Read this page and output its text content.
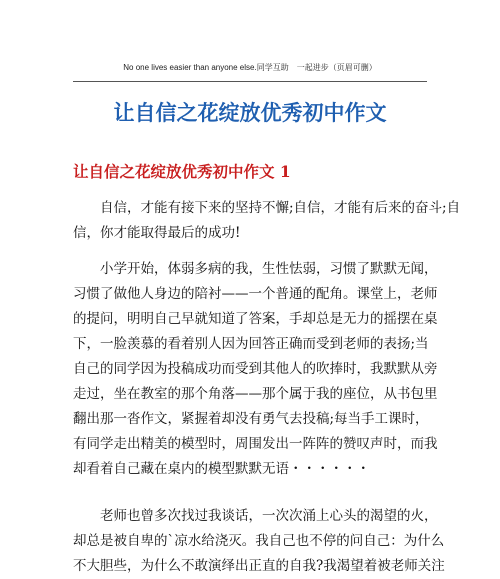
No one lives easier than anyone else.同学互助　一起进步（页眉可删）
让自信之花绽放优秀初中作文
让自信之花绽放优秀初中作文 1
自信，才能有接下来的坚持不懈;自信，才能有后来的奋斗;自
信，你才能取得最后的成功!
小学开始，体弱多病的我，生性怯弱，习惯了默默无闻，
习惯了做他人身边的陪衬——一个普通的配角。课堂上，老师
的提问，明明自己早就知道了答案，手却总是无力的摇摆在桌
下，一脸羡慕的看着别人因为回答正确而受到老师的表扬;当
自己的同学因为投稿成功而受到其他人的吹捧时，我默默从旁
走过，坐在教室的那个角落——那个属于我的座位，从书包里
翻出那一沓作文，紧握着却没有勇气去投稿;每当手工课时，
有同学走出精美的模型时，周围发出一阵阵的赞叹声时，而我
却看着自己藏在桌内的模型默默无语・・・・・・
老师也曾多次找过我谈话，一次次涌上心头的渴望的火，
却总是被自卑的`凉水给浇灭。我自己也不停的问自己：为什么
不大胆些，为什么不敢演绎出正直的自我?我渴望着被老师关注
